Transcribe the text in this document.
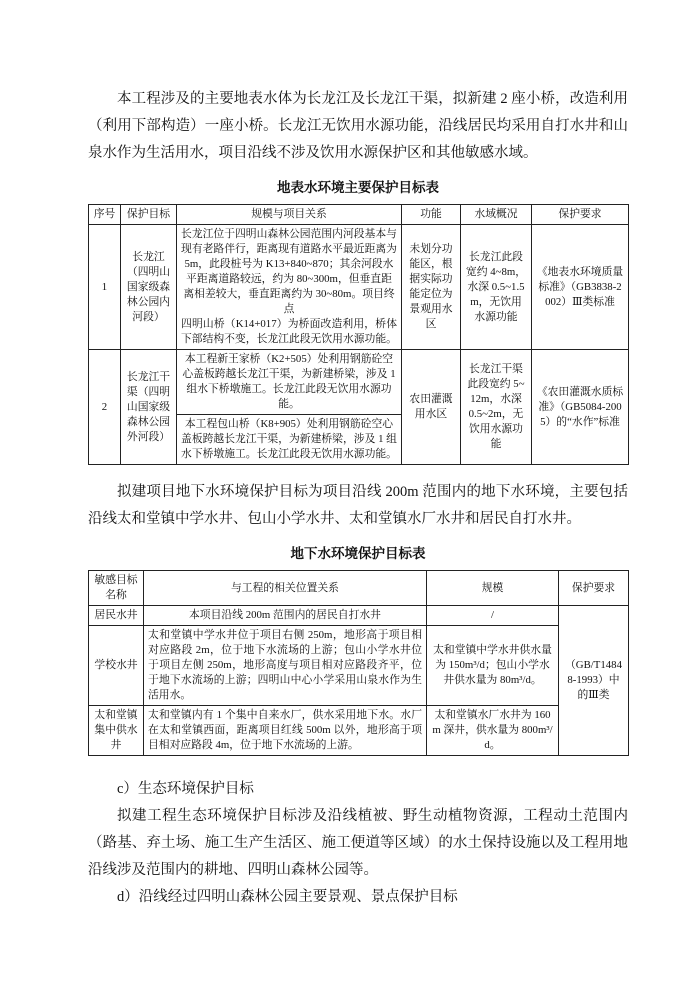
本工程涉及的主要地表水体为长龙江及长龙江干渠，拟新建 2 座小桥，改造利用（利用下部构造）一座小桥。长龙江无饮用水源功能，沿线居民均采用自打水井和山泉水作为生活用水，项目沿线不涉及饮用水源保护区和其他敏感水域。

地表水环境主要保护目标表
序号	保护目标	规模与项目关系	功能	水域概况	保护要求
1	长龙江（四明山国家级森林公园内河段）	长龙江位于四明山森林公园范围内河段基本与现有老路伴行，距离现有道路水平最近距离为 5m，此段桩号为 K13+840~870；其余河段水平距离道路较远，约为 80~300m，但垂直距离相差较大，垂直距离约为 30~80m。项目终点
四明山桥（K14+017）为桥面改造利用，桥体下部结构不变，长龙江此段无饮用水源功能。	未划分功能区，根据实际功能定位为景观用水区	长龙江此段宽约 4~8m，水深 0.5~1.5m，无饮用水源功能	《地表水环境质量标准》（GB3838-2002）Ⅲ类标准
2	长龙江干渠（四明山国家级森林公园外河段）	本工程新王家桥（K2+505）处利用钢筋砼空心盖板跨越长龙江干渠，为新建桥梁，涉及 1 组水下桥墩施工。长龙江此段无饮用水源功能。	农田灌溉用水区	长龙江干渠此段宽约 5~12m，水深 0.5~2m，无饮用水源功能	《农田灌溉水质标准》（GB5084-2005）的“水作”标准
		本工程包山桥（K8+905）处利用钢筋砼空心盖板跨越长龙江干渠，为新建桥梁，涉及 1 组水下桥墩施工。长龙江此段无饮用水源功能。			

拟建项目地下水环境保护目标为项目沿线 200m 范围内的地下水环境，主要包括沿线太和堂镇中学水井、包山小学水井、太和堂镇水厂水井和居民自打水井。

地下水环境保护目标表
敏感目标名称	与工程的相关位置关系	规模	保护要求
居民水井	本项目沿线 200m 范围内的居民自打水井	/	（GB/T14848-1993）中的Ⅲ类
学校水井	太和堂镇中学水井位于项目右侧 250m，地形高于项目相对应路段 2m，位于地下水流场的上游；包山小学水井位于项目左侧 250m，地形高度与项目相对应路段齐平，位于地下水流场的上游；四明山中心小学采用山泉水作为生活用水。	太和堂镇中学水井供水量为 150m³/d；包山小学水井供水量为 80m³/d。	
太和堂镇集中供水井	太和堂镇内有 1 个集中自来水厂，供水采用地下水。水厂在太和堂镇西面，距离项目红线 500m 以外，地形高于项目相对应路段 4m，位于地下水流场的上游。	太和堂镇水厂水井为 160m 深井，供水量为 800m³/d。	

c）生态环境保护目标

拟建工程生态环境保护目标涉及沿线植被、野生动植物资源，工程动土范围内（路基、弃土场、施工生产生活区、施工便道等区域）的水土保持设施以及工程用地沿线涉及范围内的耕地、四明山森林公园等。

d）沿线经过四明山森林公园主要景观、景点保护目标
